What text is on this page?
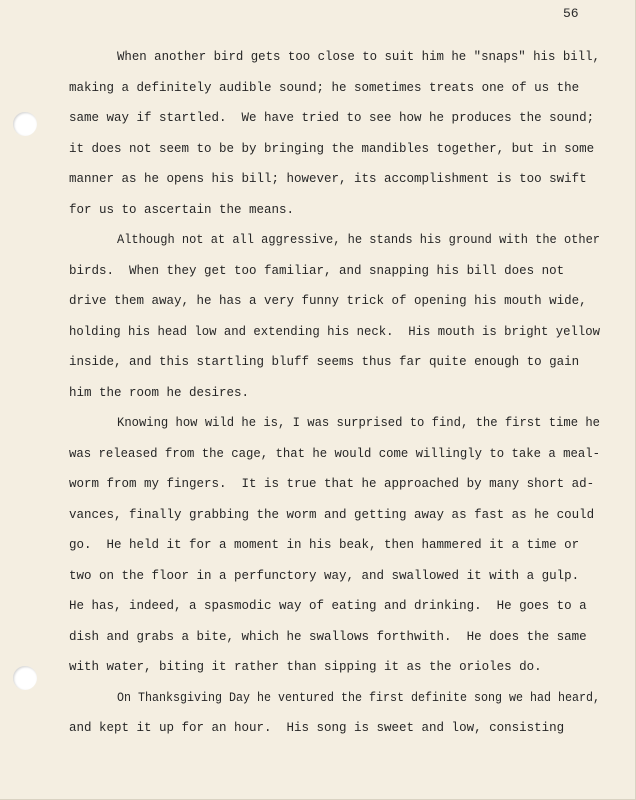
56
When another bird gets too close to suit him he "snaps" his bill,
making a definitely audible sound; he sometimes treats one of us the
same way if startled.  We have tried to see how he produces the sound;
it does not seem to be by bringing the mandibles together, but in some
manner as he opens his bill; however, its accomplishment is too swift
for us to ascertain the means.
Although not at all aggressive, he stands his ground with the other
birds.  When they get too familiar, and snapping his bill does not
drive them away, he has a very funny trick of opening his mouth wide,
holding his head low and extending his neck.  His mouth is bright yellow
inside, and this startling bluff seems thus far quite enough to gain
him the room he desires.
Knowing how wild he is, I was surprised to find, the first time he
was released from the cage, that he would come willingly to take a meal-
worm from my fingers.  It is true that he approached by many short ad-
vances, finally grabbing the worm and getting away as fast as he could
go.  He held it for a moment in his beak, then hammered it a time or
two on the floor in a perfunctory way, and swallowed it with a gulp.
He has, indeed, a spasmodic way of eating and drinking.  He goes to a
dish and grabs a bite, which he swallows forthwith.  He does the same
with water, biting it rather than sipping it as the orioles do.
On Thanksgiving Day he ventured the first definite song we had heard,
and kept it up for an hour.  His song is sweet and low, consisting
